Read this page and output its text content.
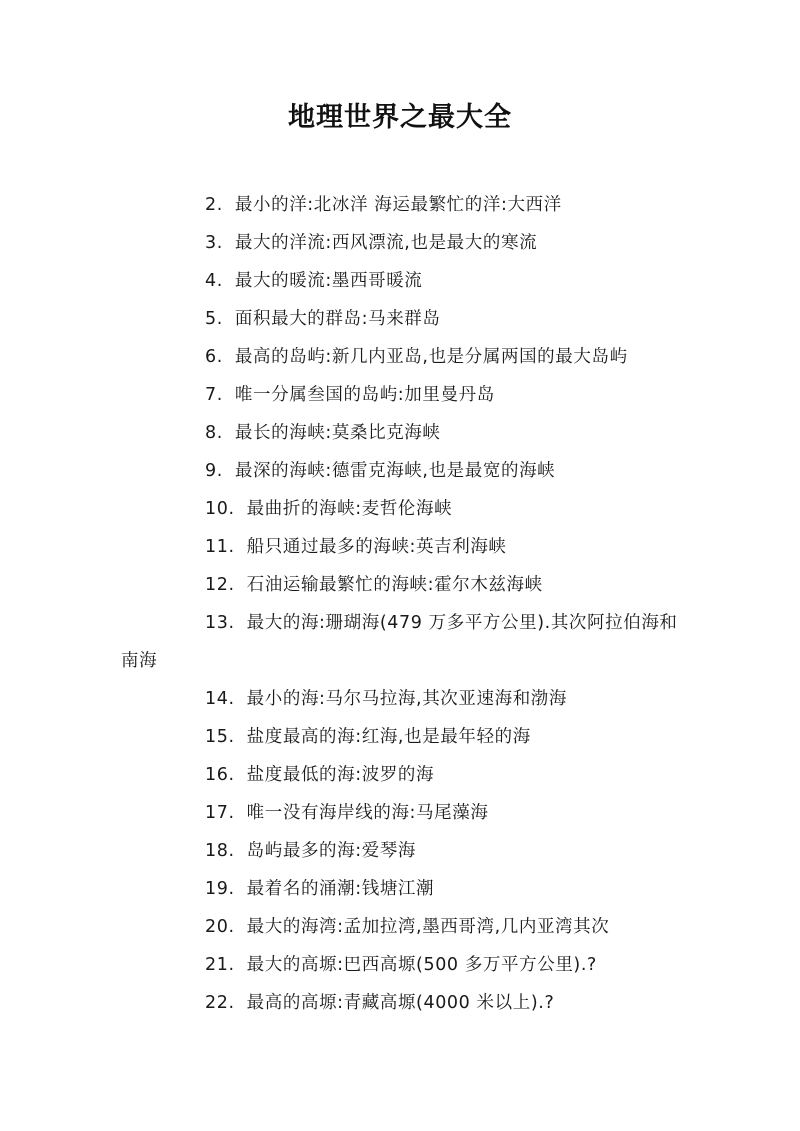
地理世界之最大全

2. 最小的洋:北冰洋 海运最繁忙的洋:大西洋

3. 最大的洋流:西风漂流,也是最大的寒流

4. 最大的暖流:墨西哥暖流

5. 面积最大的群岛:马来群岛

6. 最高的岛屿:新几内亚岛,也是分属两国的最大岛屿

7. 唯一分属叁国的岛屿:加里曼丹岛

8. 最长的海峡:莫桑比克海峡

9. 最深的海峡:德雷克海峡,也是最宽的海峡

10. 最曲折的海峡:麦哲伦海峡

11. 船只通过最多的海峡:英吉利海峡

12. 石油运输最繁忙的海峡:霍尔木兹海峡

13. 最大的海:珊瑚海(479 万多平方公里).其次阿拉伯海和南海

14. 最小的海:马尔马拉海,其次亚速海和渤海

15. 盐度最高的海:红海,也是最年轻的海

16. 盐度最低的海:波罗的海

17. 唯一没有海岸线的海:马尾藻海

18. 岛屿最多的海:爱琴海

19. 最着名的涌潮:钱塘江潮

20. 最大的海湾:孟加拉湾,墨西哥湾,几内亚湾其次

21. 最大的高塬:巴西高塬(500 多万平方公里).?

22. 最高的高塬:青藏高塬(4000 米以上).?
